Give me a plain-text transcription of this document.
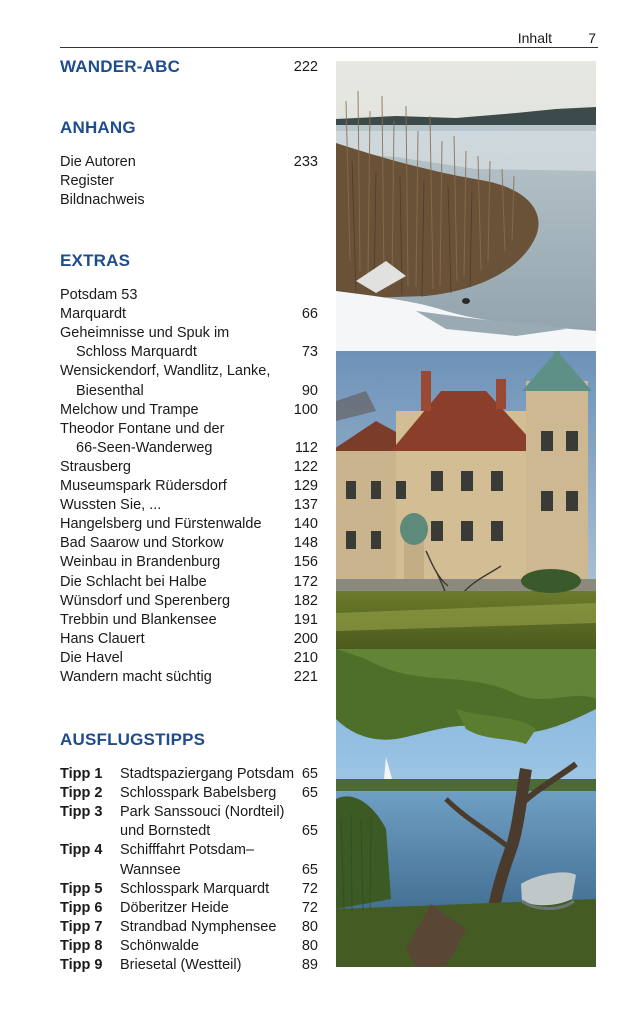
Inhalt	7
WANDER-ABC	222
ANHANG
Die Autoren	233
Register
Bildnachweis
EXTRAS
Potsdam 53
Marquardt	66
Geheimnisse und Spuk im
Schloss Marquardt	73
Wensickendorf, Wandlitz, Lanke,
Biesenthal	90
Melchow und Trampe	100
Theodor Fontane und der
66-Seen-Wanderweg	112
Strausberg	122
Museumspark Rüdersdorf	129
Wussten Sie, ...	137
Hangelsberg und Fürstenwalde 140
Bad Saarow und Storkow	148
Weinbau in Brandenburg	156
Die Schlacht bei Halbe	172
Wünsdorf und Sperenberg	182
Trebbin und Blankensee	191
Hans Clauert	200
Die Havel	210
Wandern macht süchtig	221
AUSFLUGSTIPPS
Tipp 1 Stadtspaziergang Potsdam 65
Tipp 2 Schlosspark Babelsberg 65
Tipp 3 Park Sanssouci (Nordteil)
und Bornstedt	65
Tipp 4 Schifffahrt Potsdam–
Wannsee	65
Tipp 5 Schlosspark Marquardt 72
Tipp 6 Döberitzer Heide	72
Tipp 7 Strandbad Nymphensee 80
Tipp 8 Schönwalde	80
Tipp 9 Briesetal (Westteil)	89
